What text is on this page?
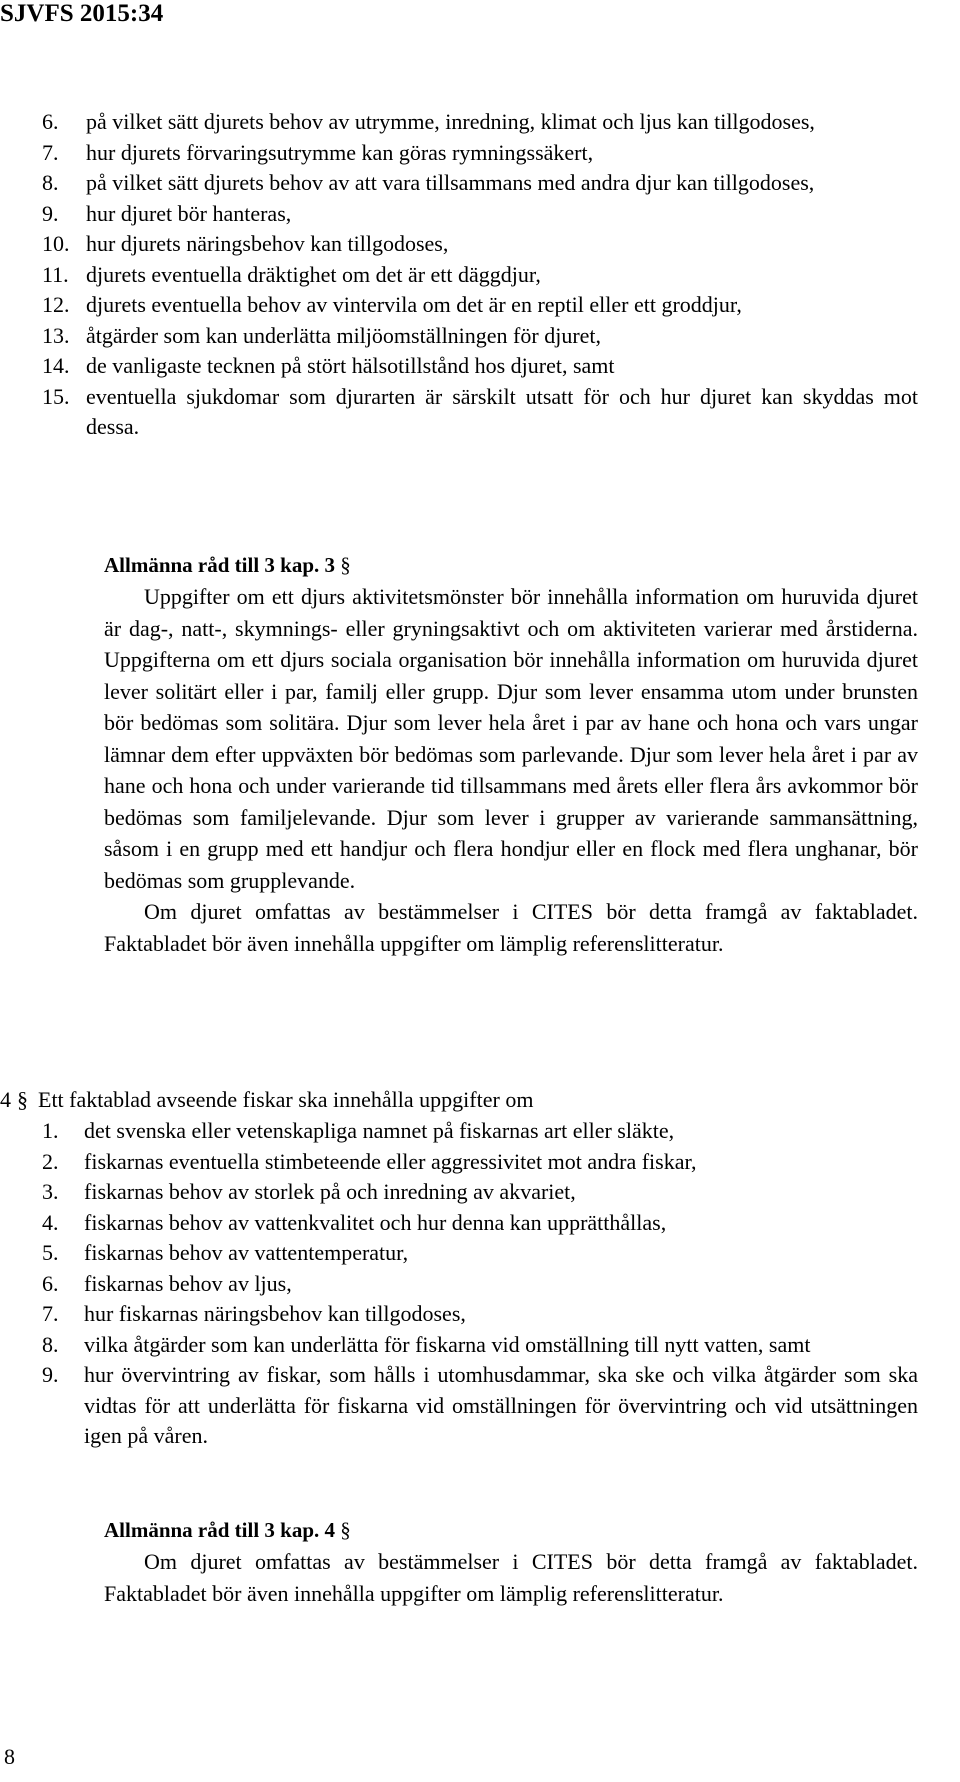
SJVFS 2015:34
6. på vilket sätt djurets behov av utrymme, inredning, klimat och ljus kan tillgodoses,
7. hur djurets förvaringsutrymme kan göras rymningssäkert,
8. på vilket sätt djurets behov av att vara tillsammans med andra djur kan tillgodoses,
9. hur djuret bör hanteras,
10. hur djurets näringsbehov kan tillgodoses,
11. djurets eventuella dräktighet om det är ett däggdjur,
12. djurets eventuella behov av vintervila om det är en reptil eller ett groddjur,
13. åtgärder som kan underlätta miljöomställningen för djuret,
14. de vanligaste tecknen på stört hälsotillstånd hos djuret, samt
15. eventuella sjukdomar som djurarten är särskilt utsatt för och hur djuret kan skyddas mot dessa.
Allmänna råd till 3 kap. 3 §

Uppgifter om ett djurs aktivitetsmönster bör innehålla information om huruvida djuret är dag-, natt-, skymnings- eller gryningsaktivt och om aktiviteten varierar med årstiderna. Uppgifterna om ett djurs sociala organisation bör innehålla information om huruvida djuret lever solitärt eller i par, familj eller grupp. Djur som lever ensamma utom under brunsten bör bedömas som solitära. Djur som lever hela året i par av hane och hona och vars ungar lämnar dem efter uppväxten bör bedömas som parlevande. Djur som lever hela året i par av hane och hona och under varierande tid tillsammans med årets eller flera års avkommor bör bedömas som familjelevande. Djur som lever i grupper av varierande sammansättning, såsom i en grupp med ett handjur och flera hondjur eller en flock med flera unghanar, bör bedömas som grupplevande.

Om djuret omfattas av bestämmelser i CITES bör detta framgå av faktabladet. Faktabladet bör även innehålla uppgifter om lämplig referenslitteratur.

4 § Ett faktablad avseende fiskar ska innehålla uppgifter om
1. det svenska eller vetenskapliga namnet på fiskarnas art eller släkte,
2. fiskarnas eventuella stimbeteende eller aggressivitet mot andra fiskar,
3. fiskarnas behov av storlek på och inredning av akvariet,
4. fiskarnas behov av vattenkvalitet och hur denna kan upprätthållas,
5. fiskarnas behov av vattentemperatur,
6. fiskarnas behov av ljus,
7. hur fiskarnas näringsbehov kan tillgodoses,
8. vilka åtgärder som kan underlätta för fiskarna vid omställning till nytt vatten, samt
9. hur övervintring av fiskar, som hålls i utomhusdammar, ska ske och vilka åtgärder som ska vidtas för att underlätta för fiskarna vid omställningen för övervintring och vid utsättningen igen på våren.
Allmänna råd till 3 kap. 4 §

Om djuret omfattas av bestämmelser i CITES bör detta framgå av faktabladet. Faktabladet bör även innehålla uppgifter om lämplig referenslitteratur.

8
